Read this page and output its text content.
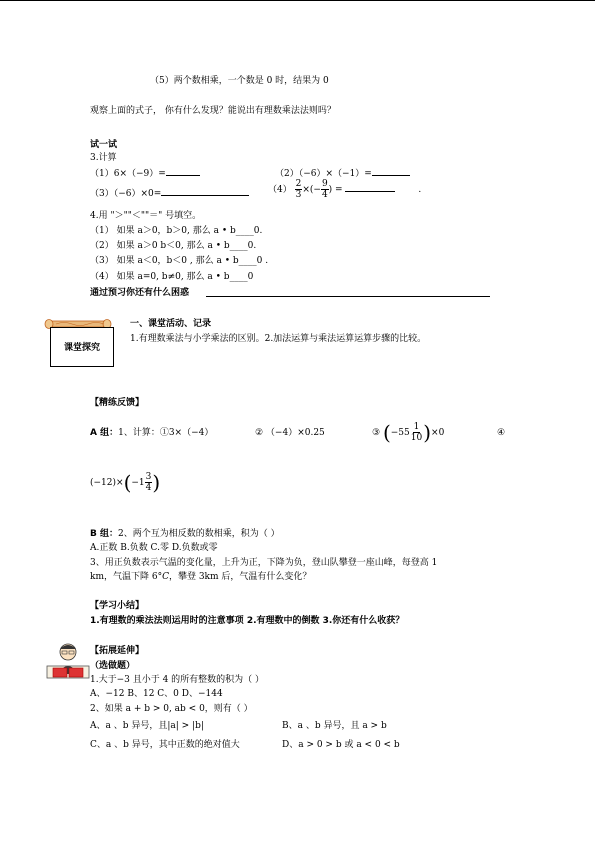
（5）两个数相乘，一个数是 0 时，结果为 0
观察上面的式子， 你有什么发现？能说出有理数乘法法则吗？
试一试
3.计算
（1）6×（−9）=	（2）（−6）×（−1）=
（3）（−6）×0=	$(4) \frac{2}{3}$ ×(− $\frac{9}{4}$ ) =	.
4.用 "＞""＜""＝" 号填空。
（1） 如果 a＞0，b＞0, 那么 a • b____0.
（2） 如果 a＞0 b＜0, 那么 a • b____0.
（3） 如果 a＜0，b＜0 , 那么 a • b____0 .
（4） 如果 a=0, b≠0, 那么 a • b____0
通过预习你还有什么困惑
课堂探究
一、课堂活动、记录
1.有理数乘法与小学乘法的区别。2.加法运算与乘法运算运算步骤的比较。
【精练反馈】
A 组：1、计算：①3×（−4）	② （−4）×0.25	③ $(-55 \frac{1}{10} )\times 0$	④
$(-12)\times(-1 \frac{3}{4}$ )
B 组：2、两个互为相反数的数相乘，积为（ ）
A.正数 B.负数 C.零 D.负数或零
3、用正负数表示气温的变化量，上升为正，下降为负，登山队攀登一座山峰，每登高 1
km，气温下降 6°C，攀登 3km 后，气温有什么变化？
【学习小结】
1.有理数的乘法法则运用时的注意事项 2.有理数中的倒数 3.你还有什么收获？
【拓展延伸】
（选做题）
1.大于−3 且小于 4 的所有整数的积为（ ）
A、−12 B、12 C、0 D、−144
2、如果 a + b > 0, ab < 0，则有（ ）
A、a 、b 异号，且|a| > |b|	B、a 、b 异号，且 a > b
C、a 、b 异号，其中正数的绝对值大	D、a > 0 > b 或 a < 0 < b
